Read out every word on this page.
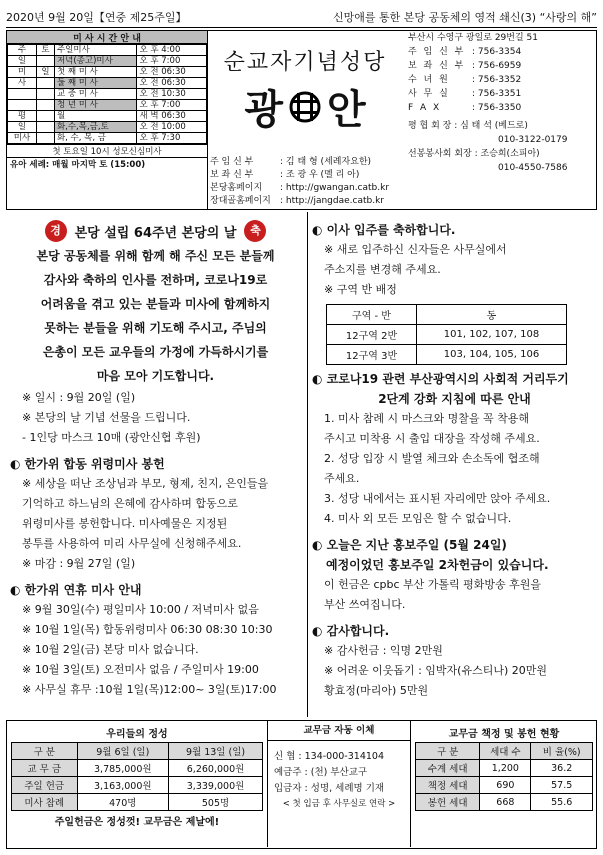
2020년 9월 20일【연중 제25주일】	신망애를 통한 본당 공동체의 영적 쇄신(3) “사랑의 해”
미 사 시 간 안 내
주	토	주일미사	오 후 4:00
일		저녁(종고)미사	오 후 7:00
미	일	첫 째 미 사	오 전 06:30
사		둘 째 미 사	오 전 06:30
		교 중 미 사	오 전 10:30
		청 년 미 사	오 후 7:00
평		월	새 벽 06:30
일		화,수,목,금,토	오 전 10:00
미사		화, 수, 목, 금	오 후 7:30
첫 토요일 10시 성모신심미사
유아 세례: 매월 마지막 토 (15:00)
순교자기념성당
광 안
주 임 신 부	: 김 태 형 (세례자요한)
보 좌 신 부	: 조 광 우 (멜 리 아)
본당홈페이지 : http://gwangan.catb.kr
장대골홈페이지 : http://jangdae.catb.kr
부산시 수영구 광일로 29번길 51
주 임 신 부 : 756-3354
보 좌 신 부 : 756-6959
수 녀 원	: 756-3352
사 무 실	: 756-3351
F A X	: 756-3350
평 협 회 장 : 심 태 석 (베드로)
010-3122-0179
선봉봉사회 회장 : 조승희(소피아)
010-4550-7586
경	본당 설립 64주년 본당의 날	축
본당 공동체를 위해 함께 해 주신 모든 분들께
감사와 축하의 인사를 전하며, 코로나19로
어려움을 겪고 있는 분들과 미사에 함께하지
못하는 분들을 위해 기도해 주시고, 주님의
은총이 모든 교우들의 가정에 가득하시기를
마음 모아 기도합니다.
※ 일시 : 9월 20일 (일)
※ 본당의 날 기념 선물을 드립니다.
- 1인당 마스크 10매 (광안신협 후원)
◐ 한가위 합동 위령미사 봉헌
※ 세상을 떠난 조상님과 부모, 형제, 친지, 은인들을
기억하고 하느님의 은혜에 감사하며 합동으로
위령미사를 봉헌합니다. 미사예물은 지정된
봉투를 사용하여 미리 사무실에 신청해주세요.
※ 마감 : 9월 27일 (일)
◐ 한가위 연휴 미사 안내
※ 9월 30일(수) 평일미사 10:00 / 저녁미사 없음
※ 10월 1일(목) 합동위령미사 06:30 08:30 10:30
※ 10월 2일(금) 본당 미사 없습니다.
※ 10월 3일(토) 오전미사 없음 / 주일미사 19:00
※ 사무실 휴무 :10월 1일(목)12:00~ 3일(토)17:00
◐ 이사 입주를 축하합니다.
※ 새로 입주하신 신자들은 사무실에서
주소지를 변경해 주세요.
※ 구역 반 배정
구역 - 반	동
12구역 2반	101, 102, 107, 108
12구역 3반	103, 104, 105, 106
◐ 코로나19 관련 부산광역시의 사회적 거리두기
2단계 강화 지침에 따른 안내
1. 미사 참례 시 마스크와 명찰을 꼭 착용해
주시고 미착용 시 출입 대장을 작성해 주세요.
2. 성당 입장 시 발열 체크와 손소독에 협조해
주세요.
3. 성당 내에서는 표시된 자리에만 앉아 주세요.
4. 미사 외 모든 모임은 할 수 없습니다.
◐ 오늘은 지난 홍보주일 (5월 24일)
예정이었던 홍보주일 2차헌금이 있습니다.
이 헌금은 cpbc 부산 가톨릭 평화방송 후원을
부산 쓰여집니다.
◐ 감사합니다.
※ 감사헌금 : 익명 2만원
※ 어려운 이웃돕기 : 임박자(유스티나) 20만원
황효정(마리아) 5만원
우리들의 정성
구 분	9월 6일 (일)	9월 13일 (일)
교 무 금	3,785,000원	6,260,000원
주일 헌금	3,163,000원	3,339,000원
미사 참례	470명	505명
주일헌금은 정성껏! 교무금은 제날에!
교무금 자동 이체
신 협 : 134-000-314104
예금주 : (천) 부산교구
입금자 : 성명, 세례명 기재
< 첫 입금 후 사무실로 연락 >
교무금 책정 및 봉헌 현황
구 분	세대 수	비 율(%)
수계 세대	1,200	36.2
책정 세대	690	57.5
봉헌 세대	668	55.6
